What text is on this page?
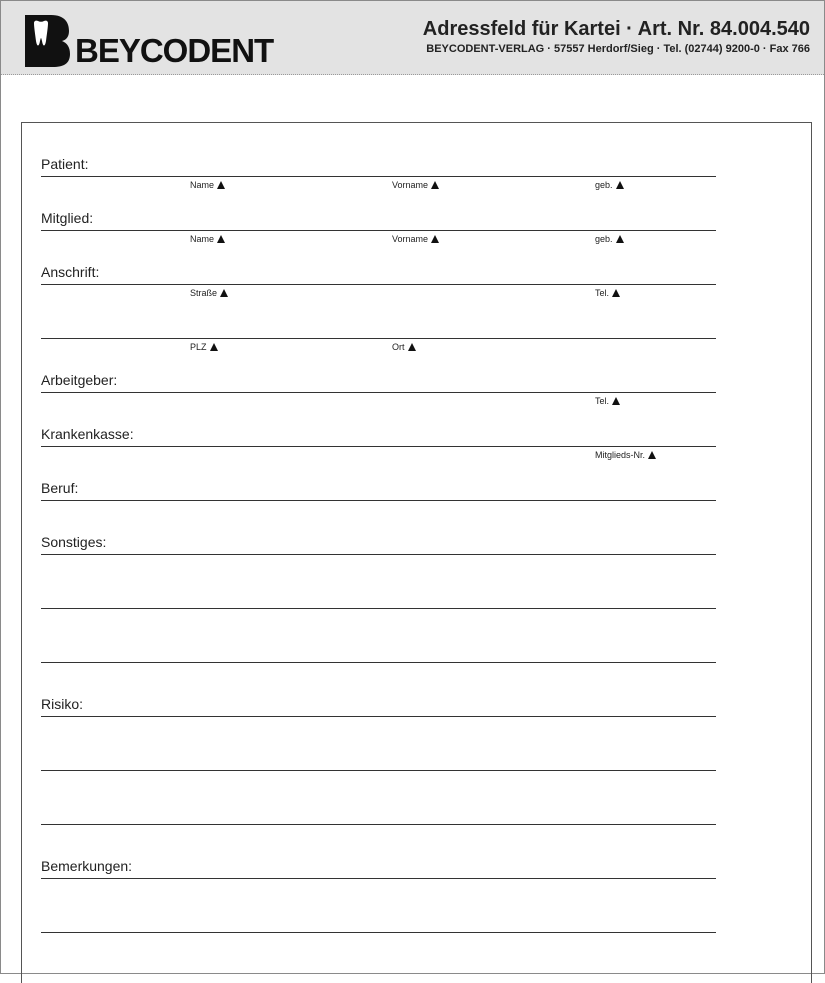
BEYCODENT
Adressfeld für Kartei · Art. Nr. 84.004.540
BEYCODENT-VERLAG · 57557 Herdorf/Sieg · Tel. (02744) 9200-0 · Fax 766
Patient:
Name	Vorname	geb.
Mitglied:
Name	Vorname	geb.
Anschrift:
Straße	Tel.
PLZ	Ort
Arbeitgeber:
Tel.
Krankenkasse:
Mitglieds-Nr.
Beruf:
Sonstiges:
Risiko:
Bemerkungen:
